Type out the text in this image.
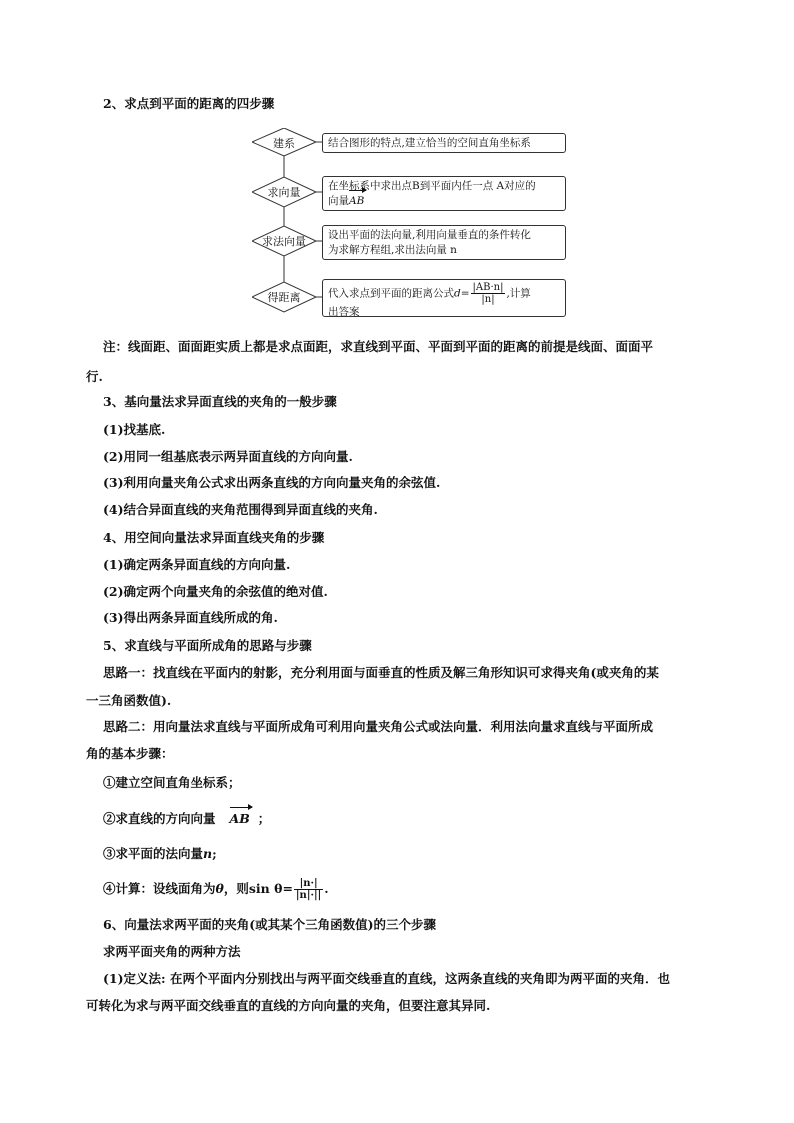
2、求点到平面的距离的四步骤
建系
求向量
求法向量
得距离
结合图形的特点,建立恰当的空间直角坐标系
在坐标系中求出点B到平面内任一点 A对应的
向量AB
设出平面的法向量,利用向量垂直的条件转化
为求解方程组,求出法向量 n
代入求点到平面的距离公式$d= \frac{|AB\cdot n|}{|n|}$ ,计算
出答案
注：线面距、面面距实质上都是求点面距，求直线到平面、平面到平面的距离的前提是线面、面面平
行.
3、基向量法求异面直线的夹角的一般步骤
(1)找基底.
(2)用同一组基底表示两异面直线的方向向量.
(3)利用向量夹角公式求出两条直线的方向向量夹角的余弦值.
(4)结合异面直线的夹角范围得到异面直线的夹角.
4、用空间向量法求异面直线夹角的步骤
(1)确定两条异面直线的方向向量.
(2)确定两个向量夹角的余弦值的绝对值.
(3)得出两条异面直线所成的角.
5、求直线与平面所成角的思路与步骤
思路一：找直线在平面内的射影，充分利用面与面垂直的性质及解三角形知识可求得夹角(或夹角的某
一三角函数值).
思路二：用向量法求直线与平面所成角可利用向量夹角公式或法向量．利用法向量求直线与平面所成
角的基本步骤：
①建立空间直角坐标系；
②求直线的方向向量 AB ；
③求平面的法向量n;
④计算：设线面角为θ，则$\sin \theta= \frac{|n\cdot|}{|n|\cdot||}$ .
6、向量法求两平面的夹角(或其某个三角函数值)的三个步骤
求两平面夹角的两种方法
(1)定义法: 在两个平面内分别找出与两平面交线垂直的直线，这两条直线的夹角即为两平面的夹角．也
可转化为求与两平面交线垂直的直线的方向向量的夹角，但要注意其异同.
